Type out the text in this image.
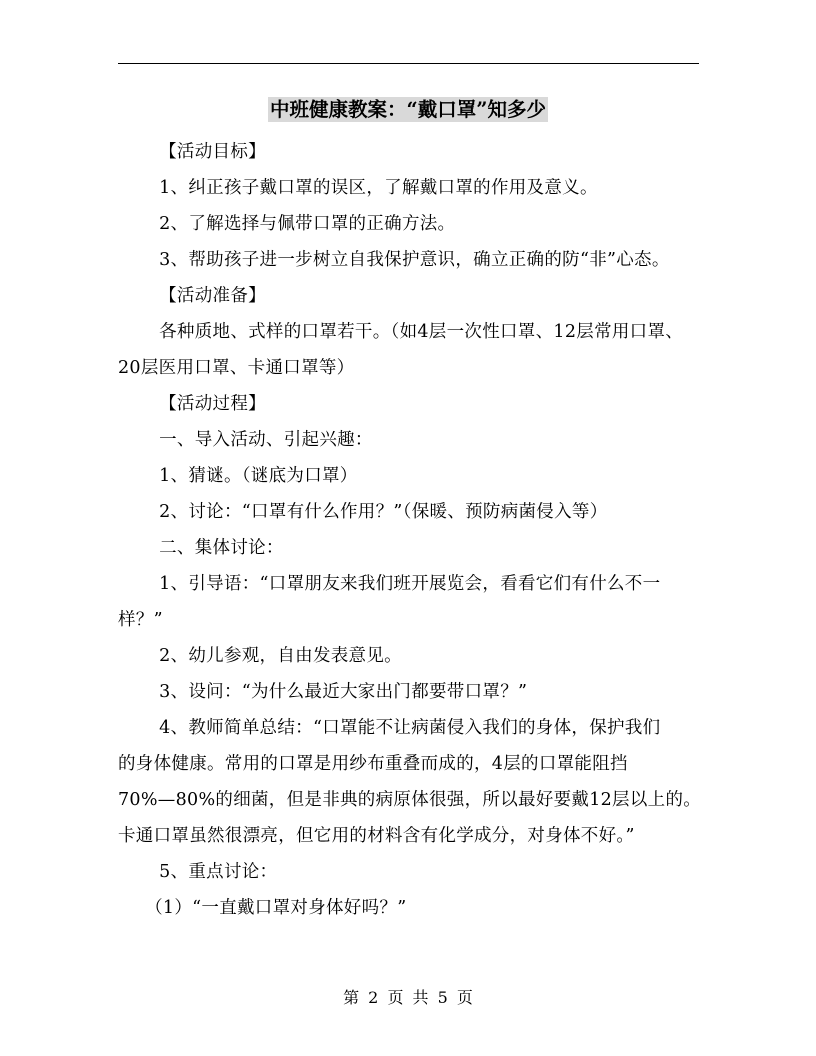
中班健康教案：“戴口罩”知多少

【活动目标】

1、纠正孩子戴口罩的误区，了解戴口罩的作用及意义。

2、了解选择与佩带口罩的正确方法。

3、帮助孩子进一步树立自我保护意识，确立正确的防“非”心态。

【活动准备】

各种质地、式样的口罩若干。（如4层一次性口罩、12层常用口罩、

20层医用口罩、卡通口罩等）

【活动过程】

一、导入活动、引起兴趣：

1、猜谜。（谜底为口罩）

2、讨论：“口罩有什么作用？”（保暖、预防病菌侵入等）

二、集体讨论：

1、引导语：“口罩朋友来我们班开展览会，看看它们有什么不一

样？”

2、幼儿参观，自由发表意见。

3、设问：“为什么最近大家出门都要带口罩？”

4、教师简单总结：“口罩能不让病菌侵入我们的身体，保护我们

的身体健康。常用的口罩是用纱布重叠而成的，4层的口罩能阻挡

70%—80%的细菌，但是非典的病原体很强，所以最好要戴12层以上的。

卡通口罩虽然很漂亮，但它用的材料含有化学成分，对身体不好。”

5、重点讨论：

（1）“一直戴口罩对身体好吗？”

第 2 页 共 5 页
